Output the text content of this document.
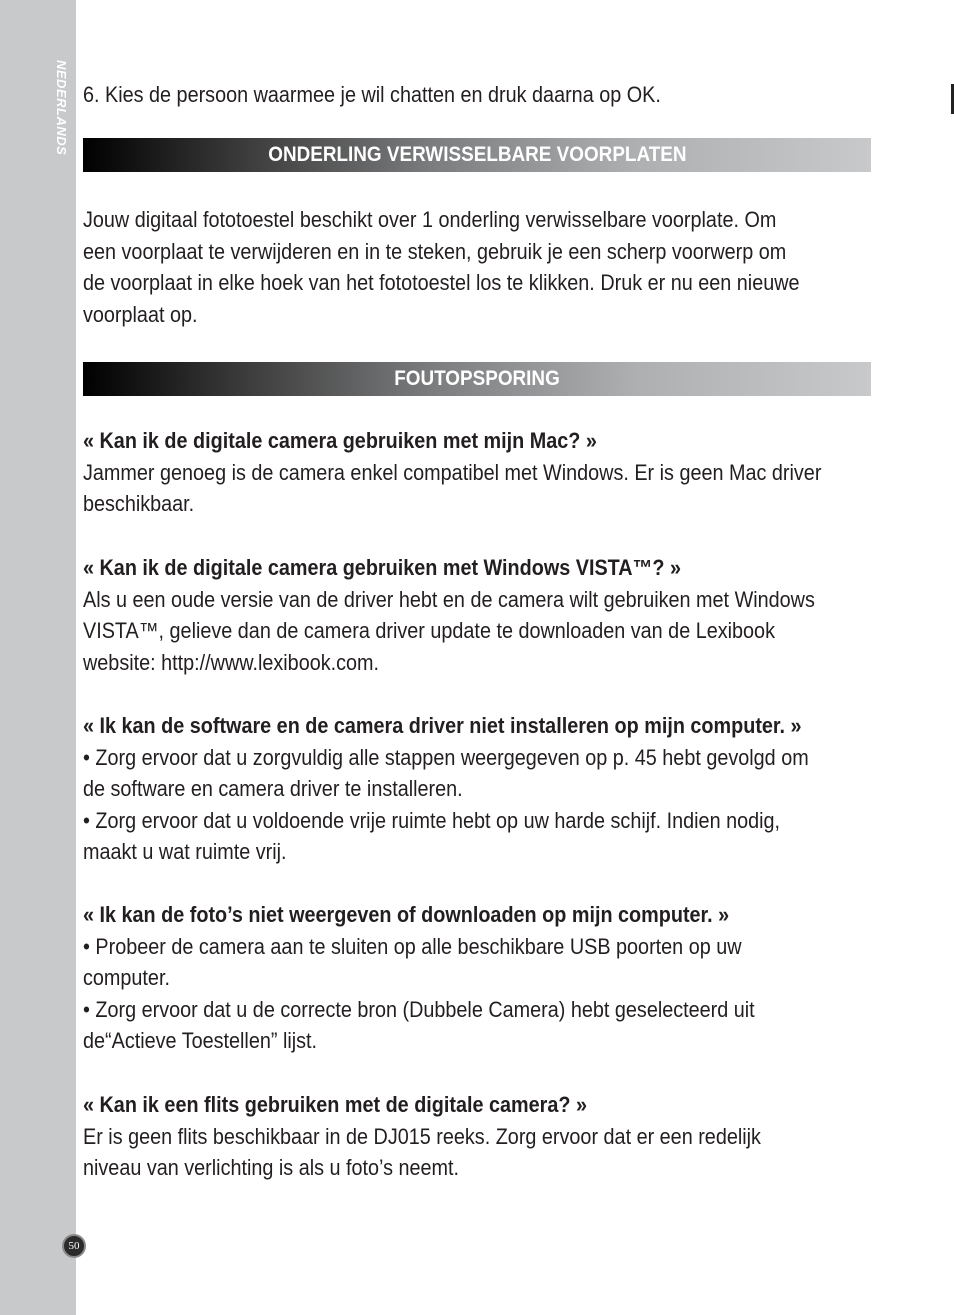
NEDERLANDS
50

6. Kies de persoon waarmee je wil chatten en druk daarna op OK.

ONDERLING VERWISSELBARE VOORPLATEN

Jouw digitaal fototoestel beschikt over 1 onderling verwisselbare voorplate. Om

een voorplaat te verwijderen en in te steken, gebruik je een scherp voorwerp om

de voorplaat in elke hoek van het fototoestel los te klikken. Druk er nu een nieuwe

voorplaat op.

FOUTOPSPORING

« Kan ik de digitale camera gebruiken met mijn Mac? »

Jammer genoeg is de camera enkel compatibel met Windows. Er is geen Mac driver

beschikbaar.

« Kan ik de digitale camera gebruiken met Windows VISTA™? »

Als u een oude versie van de driver hebt en de camera wilt gebruiken met Windows

VISTA™, gelieve dan de camera driver update te downloaden van de Lexibook

website: http://www.lexibook.com.

« Ik kan de software en de camera driver niet installeren op mijn computer. »

• Zorg ervoor dat u zorgvuldig alle stappen weergegeven op p. 45 hebt gevolgd om

de software en camera driver te installeren.

• Zorg ervoor dat u voldoende vrije ruimte hebt op uw harde schijf. Indien nodig,

maakt u wat ruimte vrij.

« Ik kan de foto’s niet weergeven of downloaden op mijn computer. »

• Probeer de camera aan te sluiten op alle beschikbare USB poorten op uw

computer.

• Zorg ervoor dat u de correcte bron (Dubbele Camera) hebt geselecteerd uit

de“Actieve Toestellen” lijst.

« Kan ik een flits gebruiken met de digitale camera? »

Er is geen flits beschikbaar in de DJ015 reeks. Zorg ervoor dat er een redelijk

niveau van verlichting is als u foto’s neemt.
